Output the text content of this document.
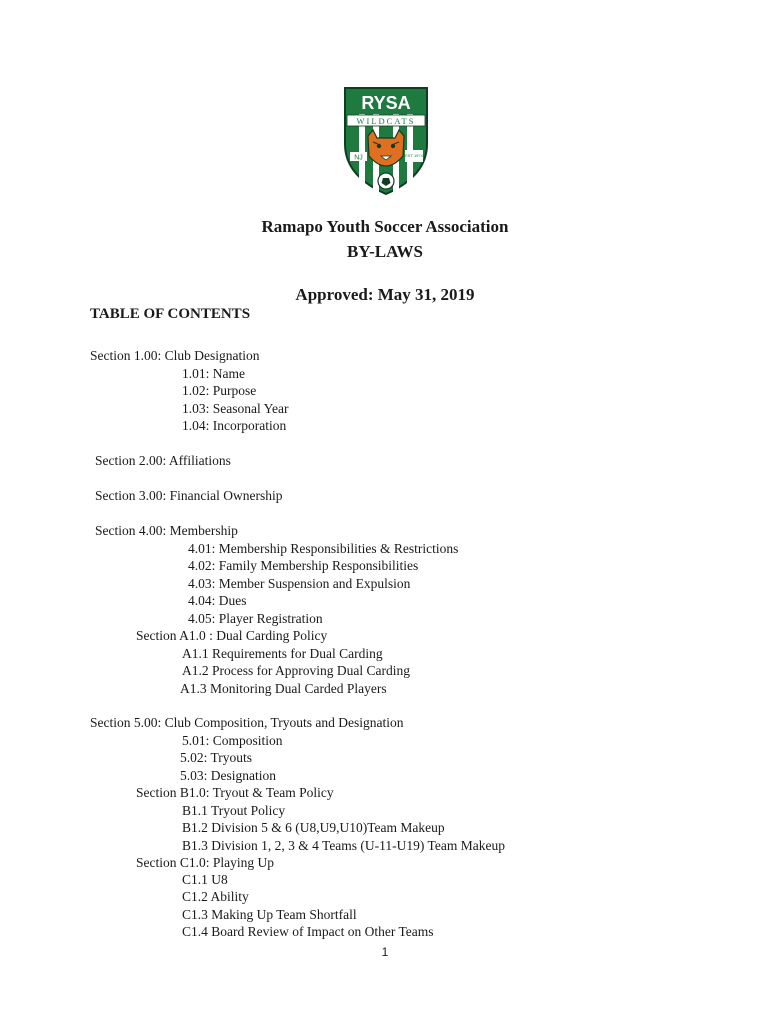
RYSA
WILDCATS
NJ	EST 1974
Ramapo Youth Soccer Association
BY-LAWS
Approved: May 31, 2019
TABLE OF CONTENTS
Section 1.00: Club Designation
1.01: Name
1.02: Purpose
1.03: Seasonal Year
1.04: Incorporation
Section 2.00: Affiliations
Section 3.00: Financial Ownership
Section 4.00: Membership
4.01: Membership Responsibilities & Restrictions
4.02: Family Membership Responsibilities
4.03: Member Suspension and Expulsion
4.04: Dues
4.05: Player Registration
Section A1.0 : Dual Carding Policy
A1.1 Requirements for Dual Carding
A1.2 Process for Approving Dual Carding
A1.3 Monitoring Dual Carded Players
Section 5.00: Club Composition, Tryouts and Designation
5.01: Composition
5.02: Tryouts
5.03: Designation
Section B1.0: Tryout & Team Policy
B1.1 Tryout Policy
B1.2 Division 5 & 6 (U8,U9,U10)Team Makeup
B1.3 Division 1, 2, 3 & 4 Teams (U-11-U19) Team Makeup
Section C1.0: Playing Up
C1.1 U8
C1.2 Ability
C1.3 Making Up Team Shortfall
C1.4 Board Review of Impact on Other Teams
1
